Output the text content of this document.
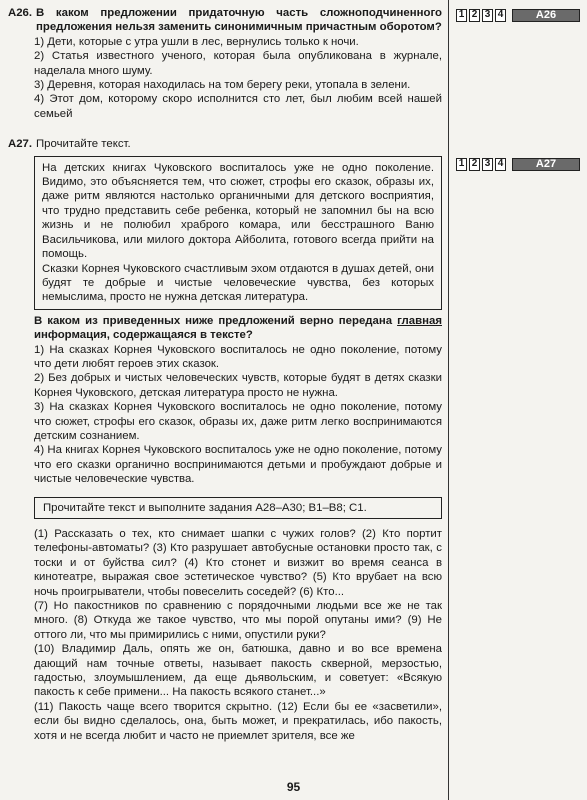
1 2 3 4	А26
1 2 3 4	А27
А26. В каком предложении придаточную часть сложноподчиненного предложения нельзя заменить синонимичным причастным оборотом?

1) Дети, которые с утра ушли в лес, вернулись только к ночи.

2) Статья известного ученого, которая была опубликована в журнале, наделала много шуму.

3) Деревня, которая находилась на том берегу реки, утопала в зелени.

4) Этот дом, которому скоро исполнится сто лет, был любим всей нашей семьей

А27. Прочитайте текст.

На детских книгах Чуковского воспиталось уже не одно поколение. Видимо, это объясняется тем, что сюжет, строфы его сказок, образы их, даже ритм являются настолько органичными для детского восприятия, что трудно представить себе ребенка, который не запомнил бы на всю жизнь и не полюбил храброго комара, или бесстрашного Ваню Васильчикова, или милого доктора Айболита, готового всегда прийти на помощь.

Сказки Корнея Чуковского счастливым эхом отдаются в душах детей, они будят те добрые и чистые человеческие чувства, без которых немыслима, просто не нужна детская литература.

В каком из приведенных ниже предложений верно передана главная информация, содержащаяся в тексте?

1) На сказках Корнея Чуковского воспиталось не одно поколение, потому что дети любят героев этих сказок.

2) Без добрых и чистых человеческих чувств, которые будят в детях сказки Корнея Чуковского, детская литература просто не нужна.

3) На сказках Корнея Чуковского воспиталось не одно поколение, потому что сюжет, строфы его сказок, образы их, даже ритм легко воспринимаются детским сознанием.

4) На книгах Корнея Чуковского воспиталось уже не одно поколение, потому что его сказки органично воспринимаются детьми и пробуждают добрые и чистые человеческие чувства.

Прочитайте текст и выполните задания А28–А30; В1–В8; С1.

(1) Рассказать о тех, кто снимает шапки с чужих голов? (2) Кто портит телефоны-автоматы? (3) Кто разрушает автобусные остановки просто так, с тоски и от буйства сил? (4) Кто стонет и визжит во время сеанса в кинотеатре, выражая свое эстетическое чувство? (5) Кто врубает на всю ночь проигрыватели, чтобы повеселить соседей? (6) Кто...

(7) Но пакостников по сравнению с порядочными людьми все же не так много. (8) Откуда же такое чувство, что мы порой опутаны ими? (9) Не оттого ли, что мы примирились с ними, опустили руки?

(10) Владимир Даль, опять же он, батюшка, давно и во все времена дающий нам точные ответы, называет пакость скверной, мерзостью, гадостью, злоумышлением, да еще дьявольским, и советует: «Всякую пакость к себе примени... На пакость всякого станет...»

(11) Пакость чаще всего творится скрытно. (12) Если бы ее «засветили», если бы видно сделалось, она, быть может, и прекратилась, ибо пакость, хотя и не всегда любит и часто не приемлет зрителя, все же

95
